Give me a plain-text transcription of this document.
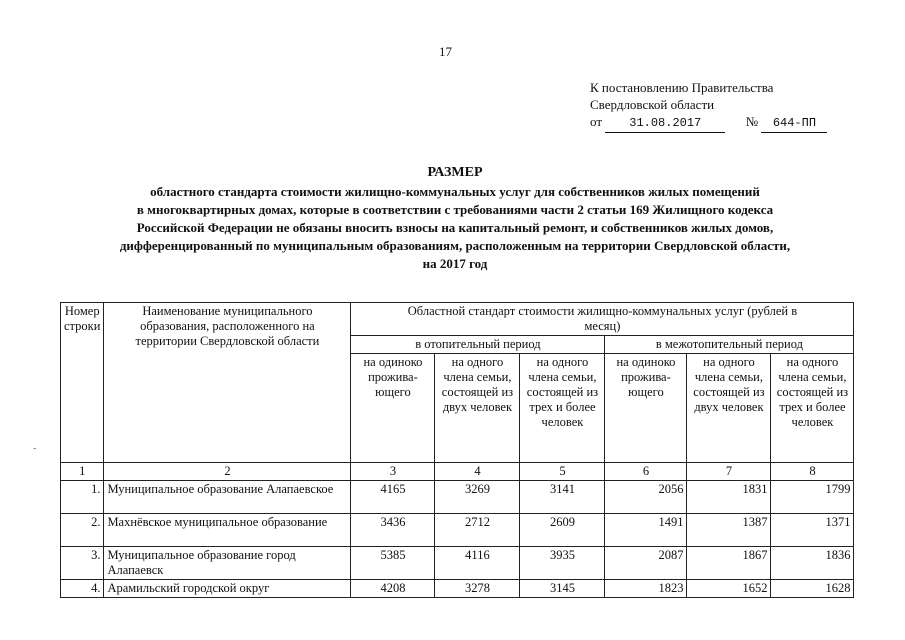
17
К постановлению Правительства
Свердловской области
от 31.08.2017	№ 644-ПП
РАЗМЕР
областного стандарта стоимости жилищно-коммунальных услуг для собственников жилых помещений
в многоквартирных домах, которые в соответствии с требованиями части 2 статьи 169 Жилищного кодекса
Российской Федерации не обязаны вносить взносы на капитальный ремонт, и собственников жилых домов,
дифференцированный по муниципальным образованиям, расположенным на территории Свердловской области,
на 2017 год
-
Номер строки	Наименование муниципального образования, расположенного на территории Свердловской области	Областной стандарт стоимости жилищно-коммунальных услуг (рублей в месяц)					
		в отопительный период			в межотопительный период		
		на одиноко прожива-ющего	на одного члена семьи, состоящей из двух человек	на одного члена семьи, состоящей из трех и более человек	на одиноко прожива-ющего	на одного члена семьи, состоящей из двух человек	на одного члена семьи, состоящей из трех и более человек
1	2	3	4	5	6	7	8
1.	Муниципальное образование Алапаевское	4165	3269	3141	2056	1831	1799
2.	Махнёвское муниципальное образование	3436	2712	2609	1491	1387	1371
3.	Муниципальное образование город Алапаевск	5385	4116	3935	2087	1867	1836
4.	Арамильский городской округ	4208	3278	3145	1823	1652	1628
